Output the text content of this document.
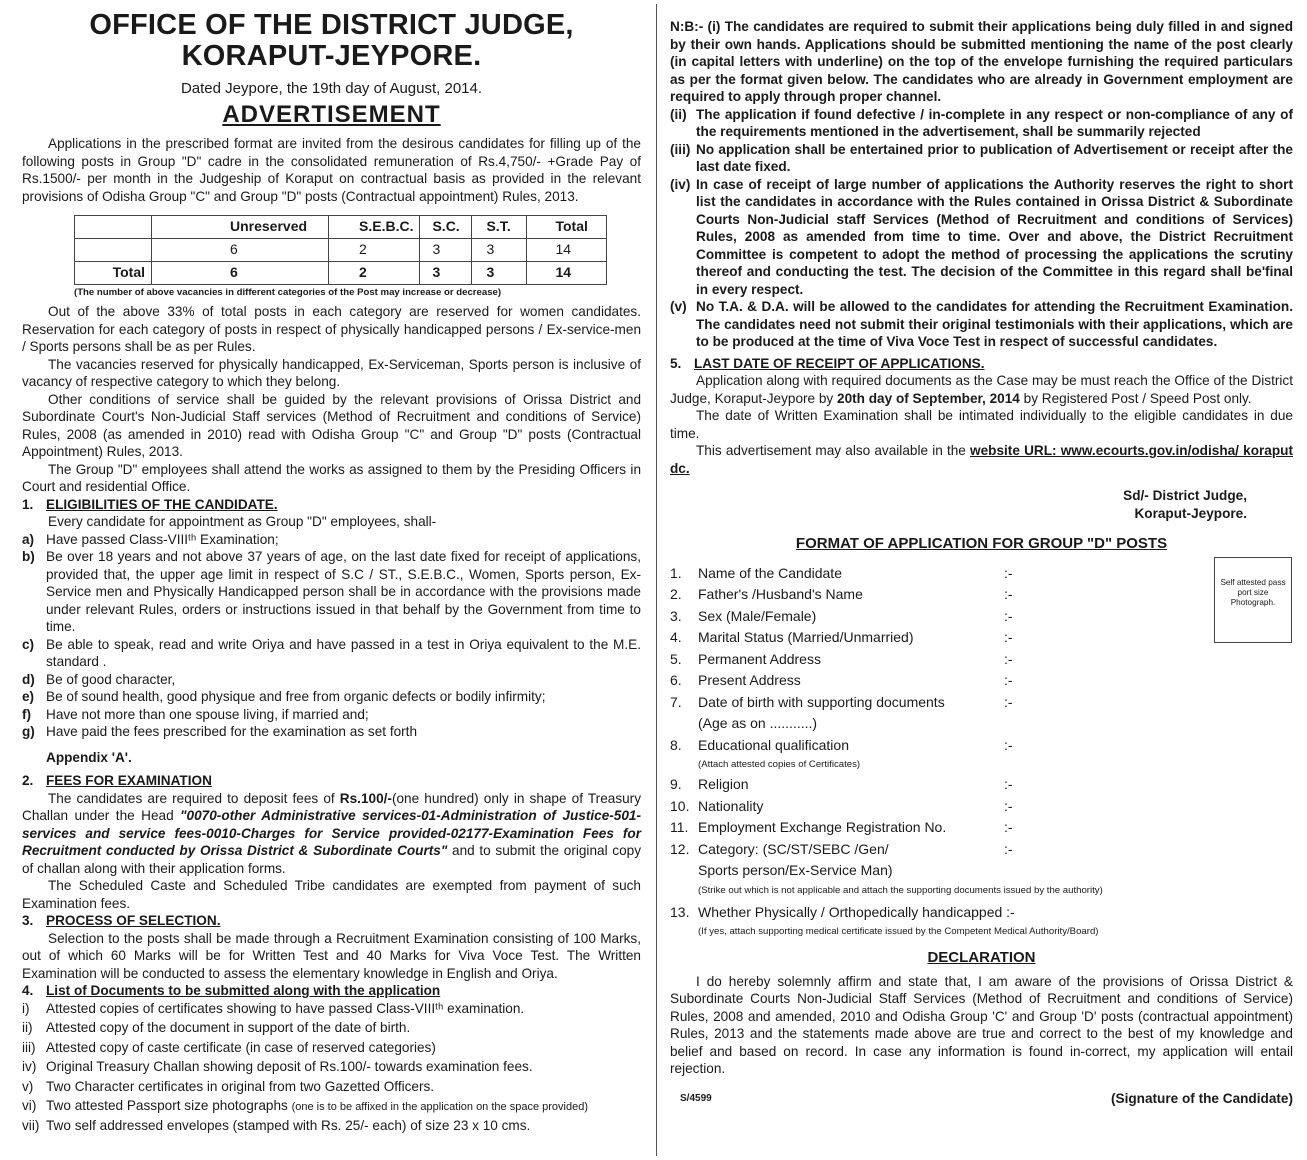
OFFICE OF THE DISTRICT JUDGE,
KORAPUT-JEYPORE.
Dated Jeypore, the 19th day of August, 2014.
ADVERTISEMENT

Applications in the prescribed format are invited from the desirous candidates for filling up of the following posts in Group "D" cadre in the consolidated remuneration of Rs.4,750/- +Grade Pay of Rs.1500/- per month in the Judgeship of Koraput on contractual basis as provided in the relevant provisions of Odisha Group "C" and Group "D" posts (Contractual appointment) Rules, 2013.

	Unreserved	S.E.B.C.	S.C.	S.T.	Total
	6	2	3	3	14
Total	6	2	3	3	14
(The number of above vacancies in different categories of the Post may increase or decrease)

Out of the above 33% of total posts in each category are reserved for women candidates. Reservation for each category of posts in respect of physically handicapped persons / Ex-service-men / Sports persons shall be as per Rules.

The vacancies reserved for physically handicapped, Ex-Serviceman, Sports person is inclusive of vacancy of respective category to which they belong.

Other conditions of service shall be guided by the relevant provisions of Orissa District and Subordinate Court's Non-Judicial Staff services (Method of Recruitment and conditions of Service) Rules, 2008 (as amended in 2010) read with Odisha Group "C" and Group "D" posts (Contractual Appointment) Rules, 2013.

The Group "D" employees shall attend the works as assigned to them by the Presiding Officers in Court and residential Office.

1. ELIGIBILITIES OF THE CANDIDATE.

Every candidate for appointment as Group "D" employees, shall-

a) Have passed Class-VIIIᵗʰ Examination;
b) Be over 18 years and not above 37 years of age, on the last date fixed for receipt of applications, provided that, the upper age limit in respect of S.C / ST., S.E.B.C., Women, Sports person, Ex-Service men and Physically Handicapped person shall be in accordance with the provisions made under relevant Rules, orders or instructions issued in that behalf by the Government from time to time.
c) Be able to speak, read and write Oriya and have passed in a test in Oriya equivalent to the M.E. standard .
d) Be of good character,
e) Be of sound health, good physique and free from organic defects or bodily infirmity;
f)	Have not more than one spouse living, if married and;
g) Have paid the fees prescribed for the examination as set forth
Appendix 'A'.
2. FEES FOR EXAMINATION

The candidates are required to deposit fees of Rs.100/-(one hundred) only in shape of Treasury Challan under the Head "0070-other Administrative services-01-Administration of Justice-501-services and service fees-0010-Charges for Service provided-02177-Examination Fees for Recruitment conducted by Orissa District & Subordinate Courts" and to submit the original copy of challan along with their application forms.

The Scheduled Caste and Scheduled Tribe candidates are exempted from payment of such Examination fees.

3. PROCESS OF SELECTION.

Selection to the posts shall be made through a Recruitment Examination consisting of 100 Marks, out of which 60 Marks will be for Written Test and 40 Marks for Viva Voce Test. The Written Examination will be conducted to assess the elementary knowledge in English and Oriya.

4. List of Documents to be submitted along with the application
i)	Attested copies of certificates showing to have passed Class-VIIIᵗʰ examination.
ii) Attested copy of the document in support of the date of birth.
iii) Attested copy of caste certificate (in case of reserved categories)
iv) Original Treasury Challan showing deposit of Rs.100/- towards examination fees.
v) Two Character certificates in original from two Gazetted Officers.
vi) Two attested Passport size photographs (one is to be affixed in the application on the space provided)
vii) Two self addressed envelopes (stamped with Rs. 25/- each) of size 23 x 10 cms.
N:B:- (i) The candidates are required to submit their applications being duly filled in and signed by their own hands. Applications should be submitted mentioning the name of the post clearly (in capital letters with underline) on the top of the envelope furnishing the required particulars as per the format given below. The candidates who are already in Government employment are required to apply through proper channel.
(ii) The application if found defective / in-complete in any respect or non-compliance of any of the requirements mentioned in the advertisement, shall be summarily rejected
(iii) No application shall be entertained prior to publication of Advertisement or receipt after the last date fixed.
(iv) In case of receipt of large number of applications the Authority reserves the right to short list the candidates in accordance with the Rules contained in Orissa District & Subordinate Courts Non-Judicial staff Services (Method of Recruitment and conditions of Services) Rules, 2008 as amended from time to time. Over and above, the District Recruitment Committee is competent to adopt the method of processing the applications the scrutiny thereof and conducting the test. The decision of the Committee in this regard shall be'final in every respect.
(v) No T.A. & D.A. will be allowed to the candidates for attending the Recruitment Examination. The candidates need not submit their original testimonials with their applications, which are to be produced at the time of Viva Voce Test in respect of successful candidates.
5. LAST DATE OF RECEIPT OF APPLICATIONS.

Application along with required documents as the Case may be must reach the Office of the District Judge, Koraput-Jeypore by 20th day of September, 2014 by Registered Post / Speed Post only.

The date of Written Examination shall be intimated individually to the eligible candidates in due time.

This advertisement may also available in the website URL: www.ecourts.gov.in/odisha/ koraput dc.

Sd/- District Judge,
Koraput-Jeypore.
FORMAT OF APPLICATION FOR GROUP "D" POSTS
Self attested pass port size Photograph.
1.	Name of the Candidate	:-
2.	Father's /Husband's Name	:-
3.	Sex (Male/Female)	:-
4.	Marital Status (Married/Unmarried)	:-
5.	Permanent Address	:-
6.	Present Address	:-
7.	Date of birth with supporting documents	:-
(Age as on ...........)
8.	Educational qualification	:-
(Attach attested copies of Certificates)
9.	Religion	:-
10. Nationality	:-
11. Employment Exchange Registration No.	:-
12. Category: (SC/ST/SEBC /Gen/	:-
Sports person/Ex-Service Man)
(Strike out which is not applicable and attach the supporting documents issued by the authority)
13. Whether Physically / Orthopedically handicapped :-
(If yes, attach supporting medical certificate issued by the Competent Medical Authority/Board)
DECLARATION

I do hereby solemnly affirm and state that, I am aware of the provisions of Orissa District & Subordinate Courts Non-Judicial Staff Services (Method of Recruitment and conditions of Service) Rules, 2008 and amended, 2010 and Odisha Group 'C' and Group 'D' posts (contractual appointment) Rules, 2013 and the statements made above are true and correct to the best of my knowledge and belief and based on record. In case any information is found in-correct, my application will entail rejection.

S/4599	(Signature of the Candidate)
